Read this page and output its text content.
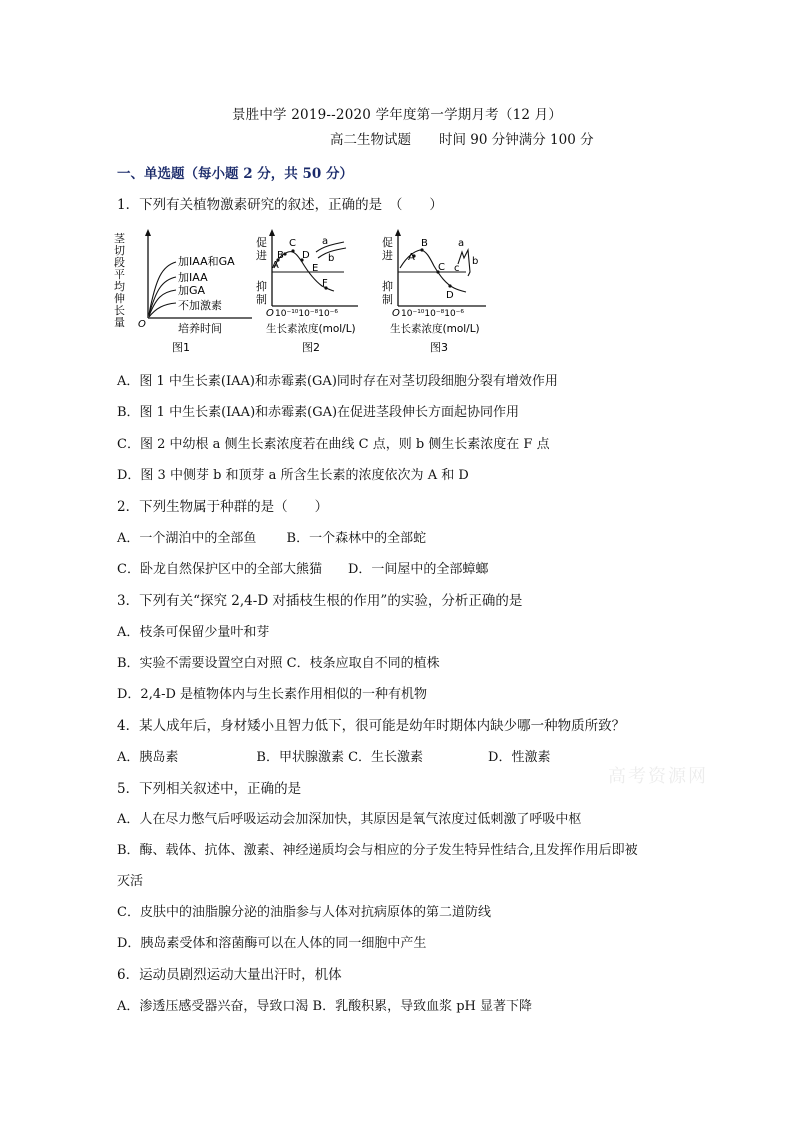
景胜中学 2019--2020 学年度第一学期月考（12 月）
高二生物试题 时间 90 分钟满分 100 分
一、单选题（每小题 2 分，共 50 分）
1．下列有关植物激素研究的叙述，正确的是　（　　）
茎
切
段
平
均
伸
长
量 O
加IAA和GA
加IAA
加GA
不加激素
培养时间
图1
促
进
抑
制
A
B
C
D
E
F
a
b
O 10⁻¹⁰10⁻⁸10⁻⁶
生长素浓度(mol/L)
图2
促
进
抑
制
A
B
C
D
a
c
b
O 10⁻¹⁰10⁻⁸10⁻⁶
生长素浓度(mol/L)
图3
A．图 1 中生长素(IAA)和赤霉素(GA)同时存在对茎切段细胞分裂有增效作用
B．图 1 中生长素(IAA)和赤霉素(GA)在促进茎段伸长方面起协同作用
C．图 2 中幼根 a 侧生长素浓度若在曲线 C 点，则 b 侧生长素浓度在 F 点
D．图 3 中侧芽 b 和顶芽 a 所含生长素的浓度依次为 A 和 D
2．下列生物属于种群的是（　　）
A．一个湖泊中的全部鱼　　 B．一个森林中的全部蛇
C．卧龙自然保护区中的全部大熊猫　　D．一间屋中的全部蟑螂
3．下列有关“探究 2,4-D 对插枝生根的作用”的实验，分析正确的是
A．枝条可保留少量叶和芽
B．实验不需要设置空白对照 C．枝条应取自不同的植株
D．2,4-D 是植物体内与生长素作用相似的一种有机物
4．某人成年后，身材矮小且智力低下，很可能是幼年时期体内缺少哪一种物质所致？
A．胰岛素　　　　　　B．甲状腺激素 C．生长激素　　　　　D．性激素
5．下列相关叙述中，正确的是
A．人在尽力憋气后呼吸运动会加深加快，其原因是氧气浓度过低刺激了呼吸中枢
B．酶、载体、抗体、激素、神经递质均会与相应的分子发生特异性结合,且发挥作用后即被
灭活
C．皮肤中的油脂腺分泌的油脂参与人体对抗病原体的第二道防线
D．胰岛素受体和溶菌酶可以在人体的同一细胞中产生
6．运动员剧烈运动大量出汗时，机体
A．渗透压感受器兴奋，导致口渴 B．乳酸积累，导致血浆 pH 显著下降
高考资源网
